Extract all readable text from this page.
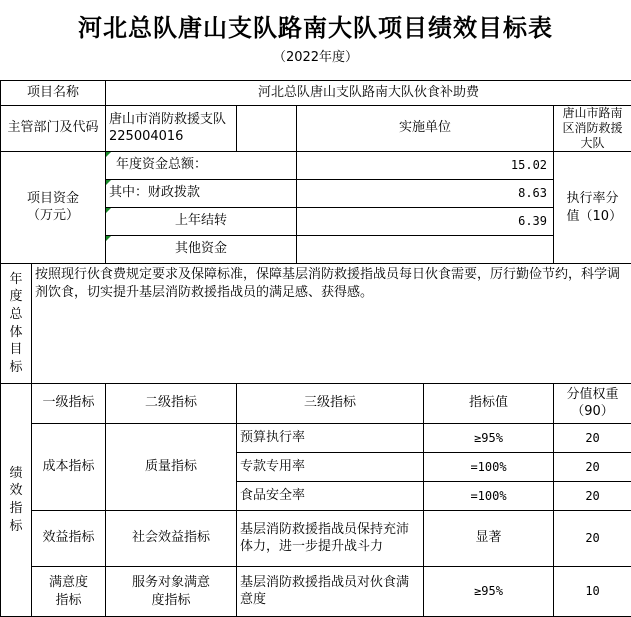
河北总队唐山支队路南大队项目绩效目标表
（2022年度）
项目名称		河北总队唐山支队路南大队伙食补助费				
主管部门及代码		唐山市消防救援支队 225004016		实施单位		唐山市路南区消防救援大队
项目资金（万元）		年度资金总额：		15.02		执行率分值（10）
		其中：财政拨款		8.63		
		上年结转		6.39		
		其他资金				
年度总体目标	按照现行伙食费规定要求及保障标准，保障基层消防救援指战员每日伙食需要，厉行勤俭节约，科学调剂饮食，切实提升基层消防救援指战员的满足感、获得感。					
绩效指标	一级指标	二级指标	三级指标		指标值	分值权重（90）
	成本指标	质量指标	预算执行率		≥95%	20
			专款专用率		=100%	20
			食品安全率		=100%	20
	效益指标	社会效益指标	基层消防救援指战员保持充沛体力，进一步提升战斗力		显著	20
	满意度指标	服务对象满意度指标	基层消防救援指战员对伙食满意度		≥95%	10
